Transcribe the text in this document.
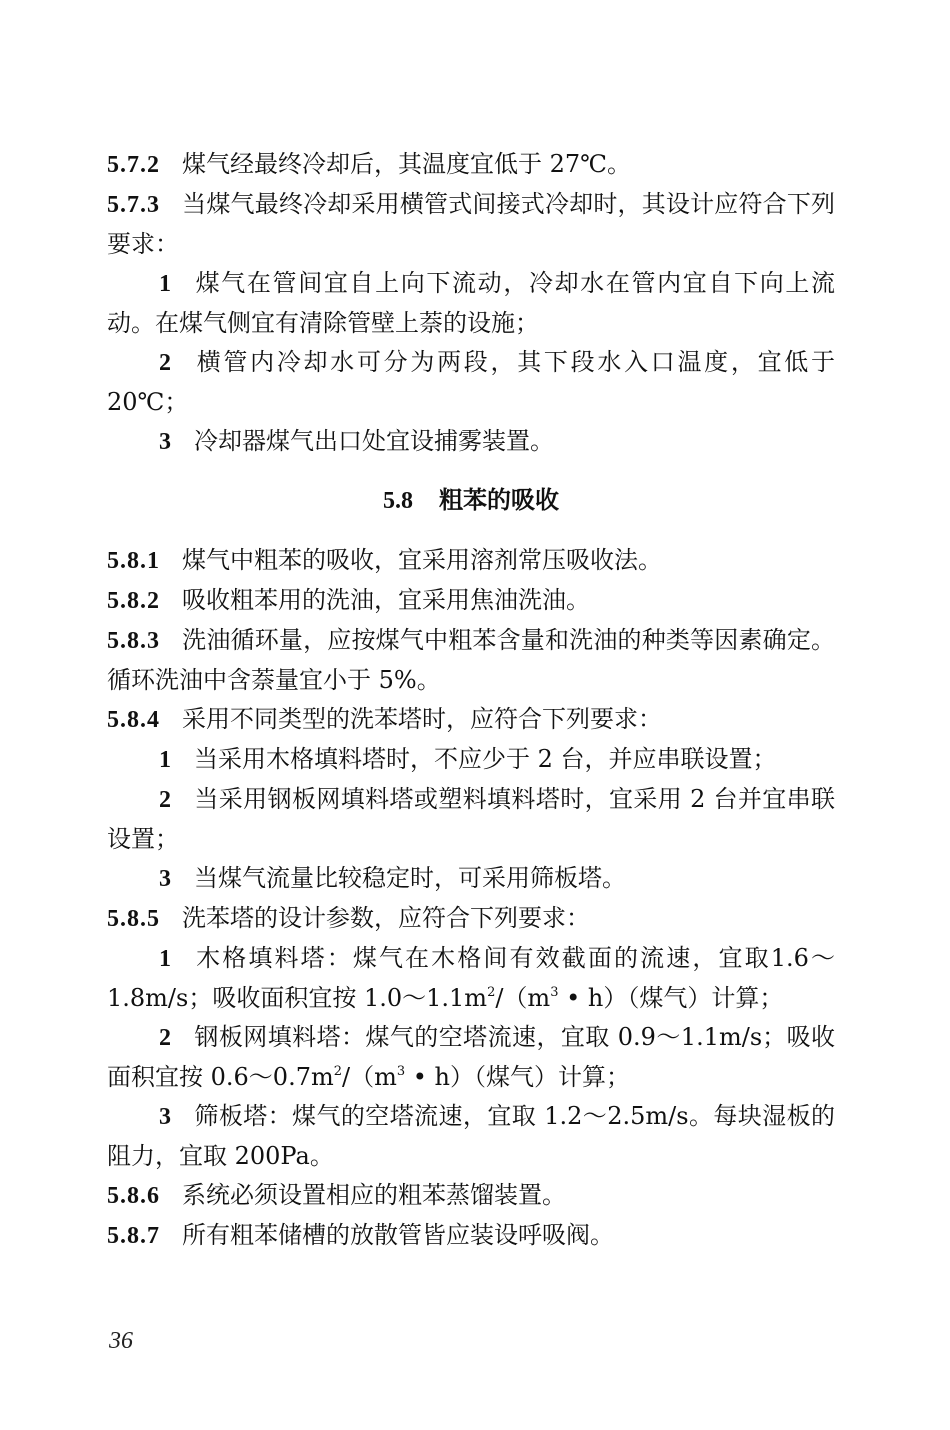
5.7.2 煤气经最终冷却后，其温度宜低于 27℃。

5.7.3 当煤气最终冷却采用横管式间接式冷却时，其设计应符合下列要求：

1 煤气在管间宜自上向下流动，冷却水在管内宜自下向上流动。在煤气侧宜有清除管壁上萘的设施；

2 横管内冷却水可分为两段，其下段水入口温度，宜低于 20℃；

3 冷却器煤气出口处宜设捕雾装置。

5.8 粗苯的吸收

5.8.1 煤气中粗苯的吸收，宜采用溶剂常压吸收法。

5.8.2 吸收粗苯用的洗油，宜采用焦油洗油。

5.8.3 洗油循环量，应按煤气中粗苯含量和洗油的种类等因素确定。循环洗油中含萘量宜小于 5%。

5.8.4 采用不同类型的洗苯塔时，应符合下列要求：

1 当采用木格填料塔时，不应少于 2 台，并应串联设置；

2 当采用钢板网填料塔或塑料填料塔时，宜采用 2 台并宜串联设置；

3 当煤气流量比较稳定时，可采用筛板塔。

5.8.5 洗苯塔的设计参数，应符合下列要求：

1 木格填料塔：煤气在木格间有效截面的流速，宜取1.6～1.8m/s；吸收面积宜按 $1.0\sim 1.1m^2/(m^3$ • h）（煤气）计算；

2 钢板网填料塔：煤气的空塔流速，宜取 0.9～1.1m/s；吸收面积宜按 $0.6\sim 0.7m^2/(m^3$ • h）（煤气）计算；

3 筛板塔：煤气的空塔流速，宜取 1.2～2.5m/s。每块湿板的阻力，宜取 200Pa。

5.8.6 系统必须设置相应的粗苯蒸馏装置。

5.8.7 所有粗苯储槽的放散管皆应装设呼吸阀。

36
